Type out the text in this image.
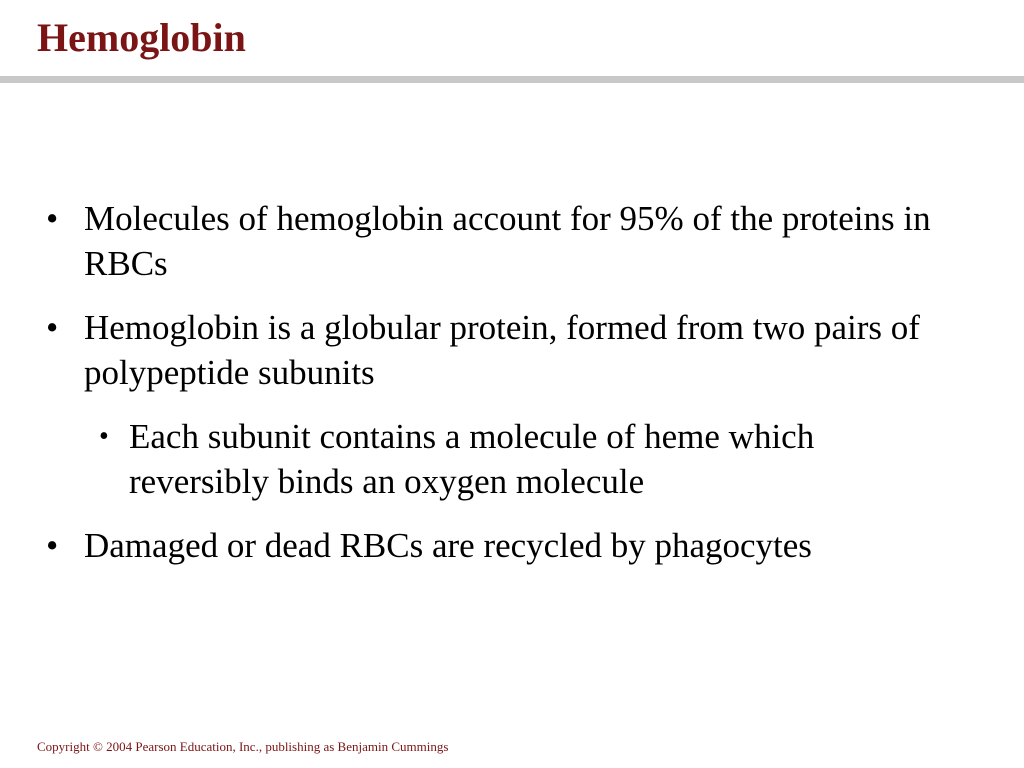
Hemoglobin
• Molecules of hemoglobin account for 95% of the proteins in RBCs
• Hemoglobin is a globular protein, formed from two pairs of polypeptide subunits
• Each subunit contains a molecule of heme which reversibly binds an oxygen molecule
• Damaged or dead RBCs are recycled by phagocytes
Copyright © 2004 Pearson Education, Inc., publishing as Benjamin Cummings
